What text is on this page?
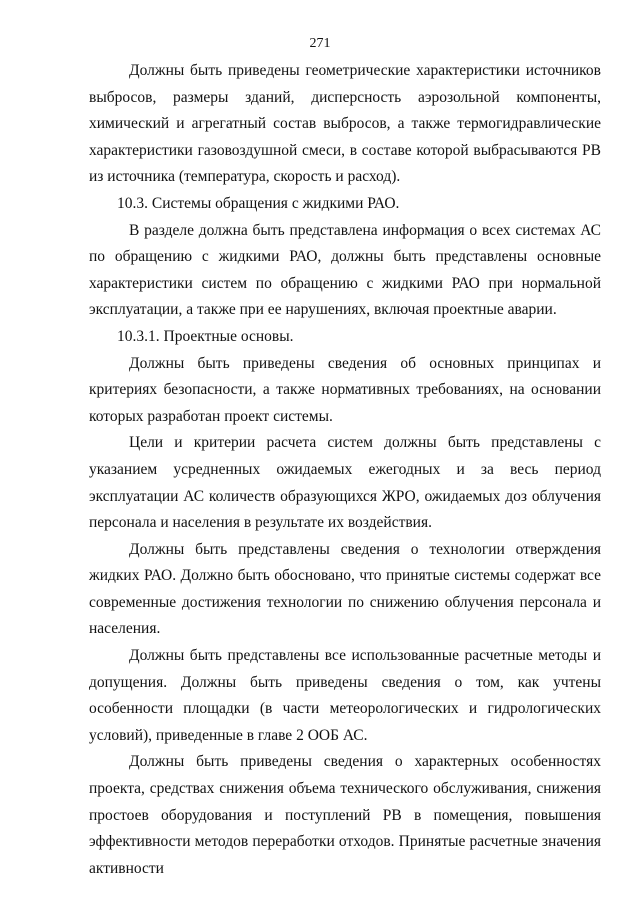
271

Должны быть приведены геометрические характеристики источников выбросов, размеры зданий, дисперсность аэрозольной компоненты, химический и агрегатный состав выбросов, а также термогидравлические характеристики газовоздушной смеси, в составе которой выбрасываются РВ из источника (температура, скорость и расход).

10.3. Системы обращения с жидкими РАО.

В разделе должна быть представлена информация о всех системах АС по обращению с жидкими РАО, должны быть представлены основные характеристики систем по обращению с жидкими РАО при нормальной эксплуатации, а также при ее нарушениях, включая проектные аварии.

10.3.1. Проектные основы.

Должны быть приведены сведения об основных принципах и критериях безопасности, а также нормативных требованиях, на основании которых разработан проект системы.

Цели и критерии расчета систем должны быть представлены с указанием усредненных ожидаемых ежегодных и за весь период эксплуатации АС количеств образующихся ЖРО, ожидаемых доз облучения персонала и населения в результате их воздействия.

Должны быть представлены сведения о технологии отверждения жидких РАО. Должно быть обосновано, что принятые системы содержат все современные достижения технологии по снижению облучения персонала и населения.

Должны быть представлены все использованные расчетные методы и допущения. Должны быть приведены сведения о том, как учтены особенности площадки (в части метеорологических и гидрологических условий), приведенные в главе 2 ООБ АС.

Должны быть приведены сведения о характерных особенностях проекта, средствах снижения объема технического обслуживания, снижения простоев оборудования и поступлений РВ в помещения, повышения эффективности методов переработки отходов. Принятые расчетные значения активности
